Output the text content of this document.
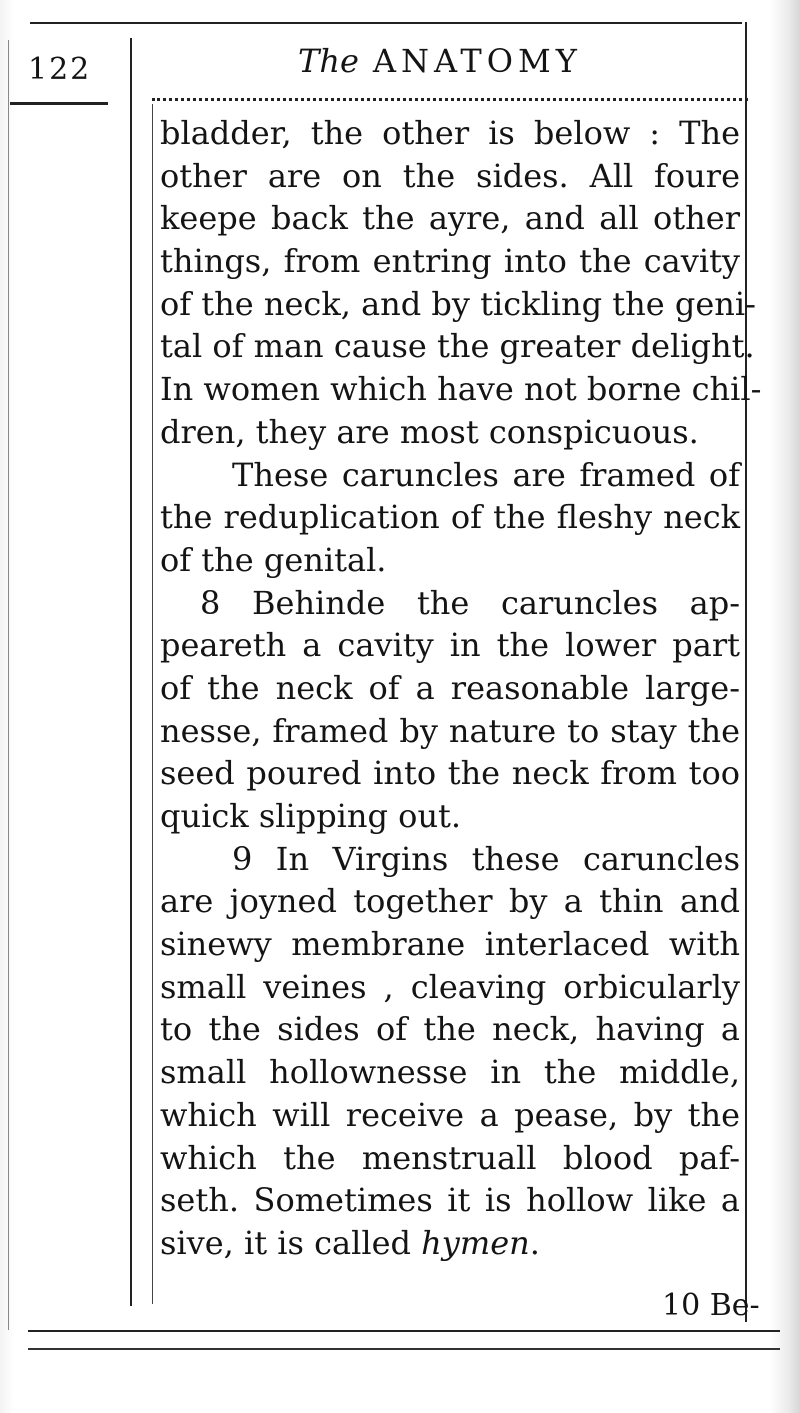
122	The ANATOMY
bladder, the other is below : The
other are on the sides. All foure
keepe back the ayre, and all other
things, from entring into the cavity
of the neck, and by tickling the geni-
tal of man cause the greater delight.
In women which have not borne chil-
dren, they are most conspicuous.
These caruncles are framed of
the reduplication of the fleshy neck
of the genital.
8 Behinde the caruncles ap-
peareth a cavity in the lower part
of the neck of a reasonable large-
nesse, framed by nature to stay the
seed poured into the neck from too
quick slipping out.
9 In Virgins these caruncles
are joyned together by a thin and
sinewy membrane interlaced with
small veines , cleaving orbicularly
to the sides of the neck, having a
small hollownesse in the middle,
which will receive a pease, by the
which the menstruall blood paf-
seth. Sometimes it is hollow like a
sive, it is called hymen.
10 Be-
